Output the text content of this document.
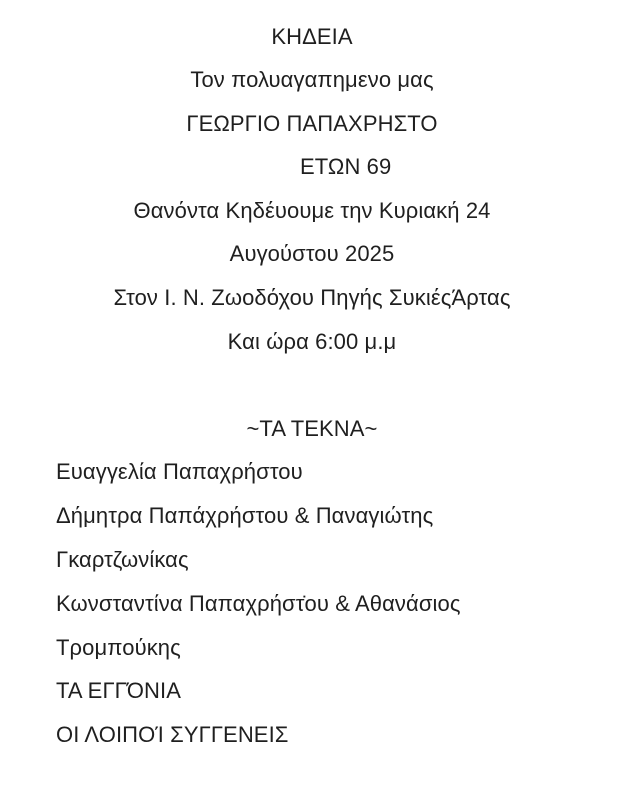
ΚΗΔΕΙΑ
Τον πολυαγαπημενο μας
ΓΕΩΡΓΙΟ ΠΑΠΑΧΡΗΣΤΟ
ΕΤΩΝ 69
Θανόντα Κηδέυουμε την Κυριακή 24
Αυγούστου 2025
Στον Ι. Ν. Ζωοδόχου Πηγής ΣυκιέςΆρτας
Και ώρα 6:00 μ.μ
~ΤΑ ΤΕΚΝΑ~
Ευαγγελία Παπαχρήστου
Δήμητρα Παπάχρήστου & Παναγιώτης
Γκαρτζωνίκας
Κωνσταντίνα Παπαχρήστ̇ου & Αθανάσιος
Τρομπούκης
ΤΑ ΕΓΓΌΝΙΑ
ΟΙ ΛΟΙΠΟΊ ΣΥΓΓΕΝΕΙΣ
